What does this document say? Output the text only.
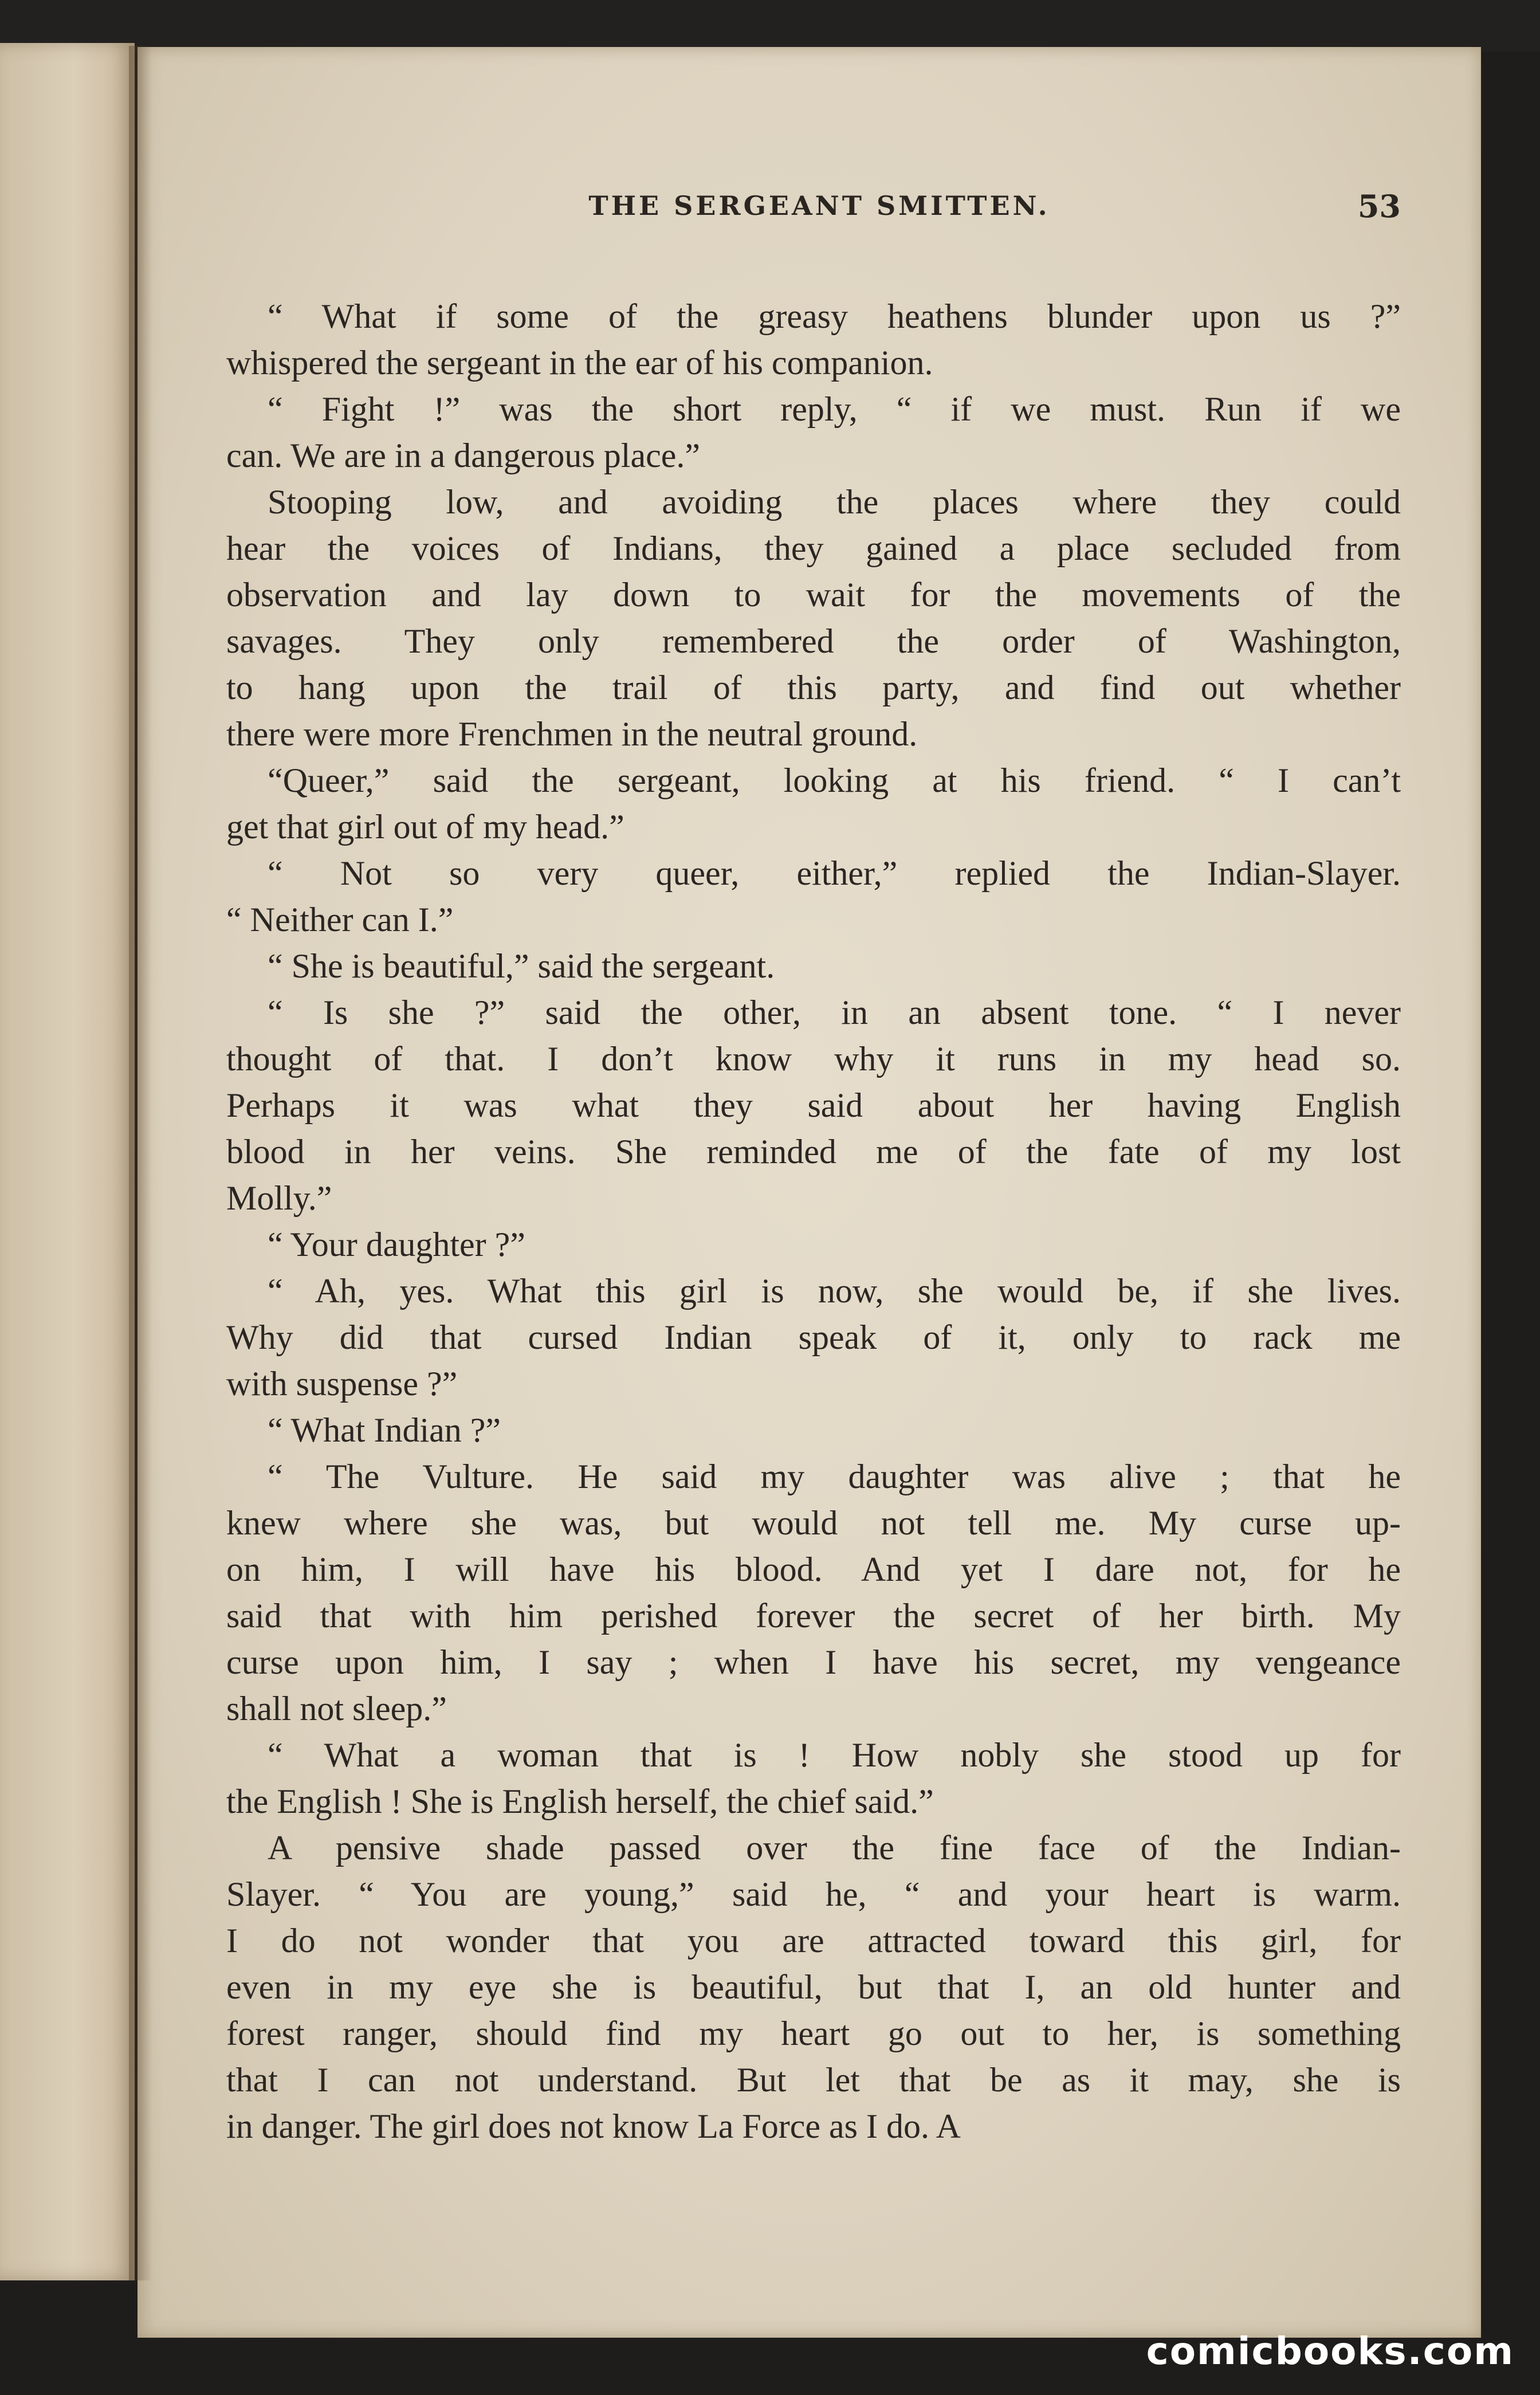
THE SERGEANT SMITTEN.	53
“ What if some of the greasy heathens blunder upon us ?”
whispered the sergeant in the ear of his companion.
“ Fight !” was the short reply, “ if we must. Run if we
can. We are in a dangerous place.”
Stooping low, and avoiding the places where they could
hear the voices of Indians, they gained a place secluded from
observation and lay down to wait for the movements of the
savages. They only remembered the order of Washington,
to hang upon the trail of this party, and find out whether
there were more Frenchmen in the neutral ground.
“Queer,” said the sergeant, looking at his friend. “ I can’t
get that girl out of my head.”
“ Not so very queer, either,” replied the Indian-Slayer.
“ Neither can I.”
“ She is beautiful,” said the sergeant.
“ Is she ?” said the other, in an absent tone. “ I never
thought of that. I don’t know why it runs in my head so.
Perhaps it was what they said about her having English
blood in her veins. She reminded me of the fate of my lost
Molly.”
“ Your daughter ?”
“ Ah, yes. What this girl is now, she would be, if she lives.
Why did that cursed Indian speak of it, only to rack me
with suspense ?”
“ What Indian ?”
“ The Vulture. He said my daughter was alive ; that he
knew where she was, but would not tell me. My curse up-
on him, I will have his blood. And yet I dare not, for he
said that with him perished forever the secret of her birth. My
curse upon him, I say ; when I have his secret, my vengeance
shall not sleep.”
“ What a woman that is ! How nobly she stood up for
the English ! She is English herself, the chief said.”
A pensive shade passed over the fine face of the Indian-
Slayer. “ You are young,” said he, “ and your heart is warm.
I do not wonder that you are attracted toward this girl, for
even in my eye she is beautiful, but that I, an old hunter and
forest ranger, should find my heart go out to her, is something
that I can not understand. But let that be as it may, she is
in danger. The girl does not know La Force as I do. A
comicbooks.com
